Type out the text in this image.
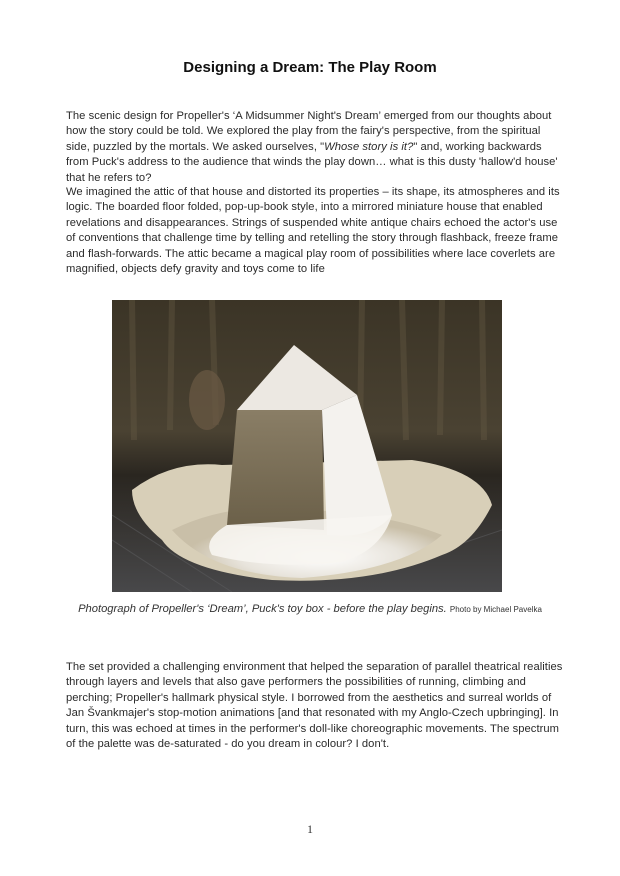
Designing a Dream: The Play Room
The scenic design for Propeller's ‘A Midsummer Night's Dream’ emerged from our thoughts about how the story could be told. We explored the play from the fairy's perspective, from the spiritual side, puzzled by the mortals. We asked ourselves, "Whose story is it?" and, working backwards from Puck's address to the audience that winds the play down… what is this dusty 'hallow'd house' that he refers to?
We imagined the attic of that house and distorted its properties – its shape, its atmospheres and its logic. The boarded floor folded, pop-up-book style, into a mirrored miniature house that enabled revelations and disappearances. Strings of suspended white antique chairs echoed the actor's use of conventions that challenge time by telling and retelling the story through flashback, freeze frame and flash-forwards. The attic became a magical play room of possibilities where lace coverlets are magnified, objects defy gravity and toys come to life
Photograph of Propeller's ‘Dream’, Puck's toy box - before the play begins. Photo by Michael Pavelka
The set provided a challenging environment that helped the separation of parallel theatrical realities through layers and levels that also gave performers the possibilities of running, climbing and perching; Propeller's hallmark physical style. I borrowed from the aesthetics and surreal worlds of Jan Švankmajer's stop-motion animations [and that resonated with my Anglo-Czech upbringing]. In turn, this was echoed at times in the performer's doll-like choreographic movements. The spectrum of the palette was de-saturated - do you dream in colour? I don't.
1
